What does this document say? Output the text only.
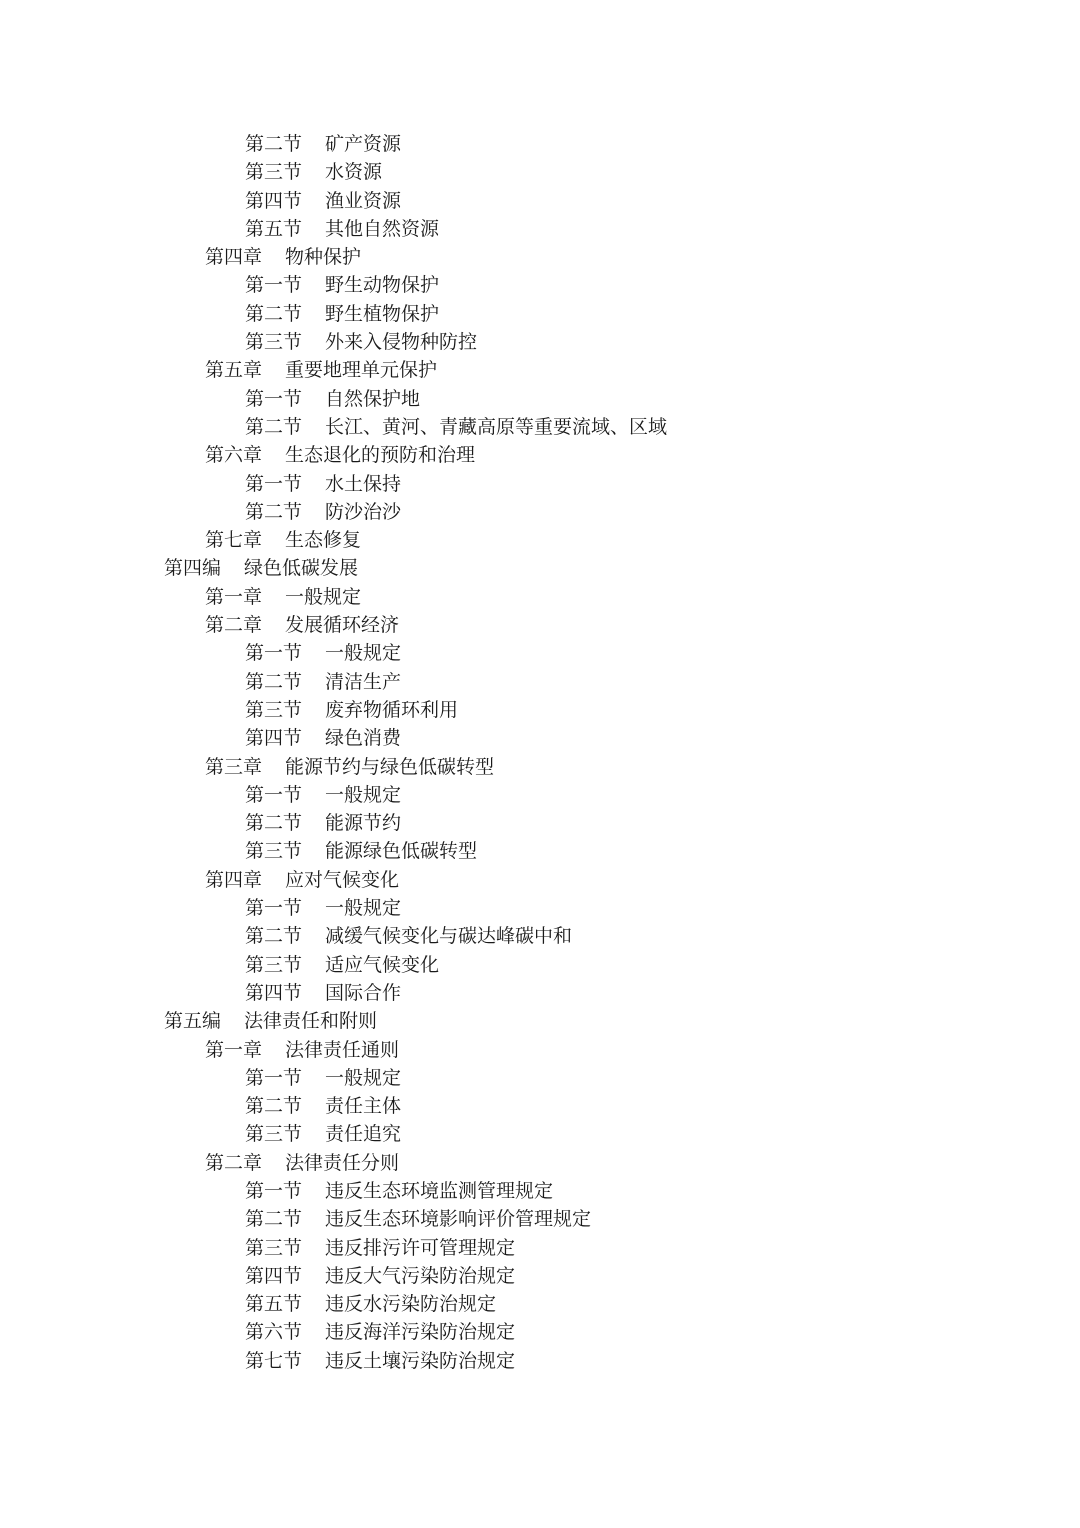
第二节	矿产资源
第三节	水资源
第四节	渔业资源
第五节	其他自然资源
第四章	物种保护
第一节	野生动物保护
第二节	野生植物保护
第三节	外来入侵物种防控
第五章	重要地理单元保护
第一节	自然保护地
第二节	长江、黄河、青藏高原等重要流域、区域
第六章	生态退化的预防和治理
第一节	水土保持
第二节	防沙治沙
第七章	生态修复
第四编	绿色低碳发展
第一章	一般规定
第二章	发展循环经济
第一节	一般规定
第二节	清洁生产
第三节	废弃物循环利用
第四节	绿色消费
第三章	能源节约与绿色低碳转型
第一节	一般规定
第二节	能源节约
第三节	能源绿色低碳转型
第四章	应对气候变化
第一节	一般规定
第二节	减缓气候变化与碳达峰碳中和
第三节	适应气候变化
第四节	国际合作
第五编	法律责任和附则
第一章	法律责任通则
第一节	一般规定
第二节	责任主体
第三节	责任追究
第二章	法律责任分则
第一节	违反生态环境监测管理规定
第二节	违反生态环境影响评价管理规定
第三节	违反排污许可管理规定
第四节	违反大气污染防治规定
第五节	违反水污染防治规定
第六节	违反海洋污染防治规定
第七节	违反土壤污染防治规定
